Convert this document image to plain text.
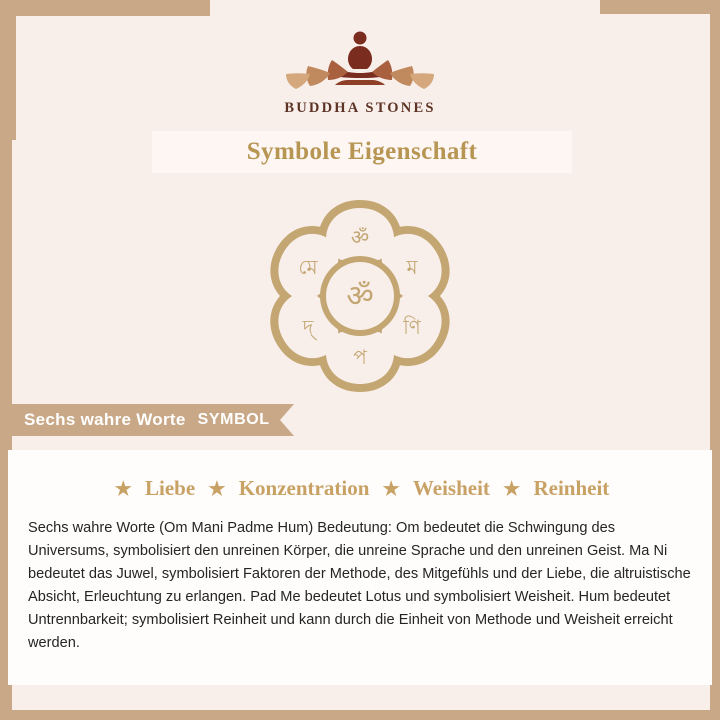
BUDDHA STONES
Symbole Eigenschaft
ॐ
ম
ণি
প
দ্
মে
ॐ
Sechs wahre Worte SYMBOL
★ Liebe ★ Konzentration ★ Weisheit ★ Reinheit

Sechs wahre Worte (Om Mani Padme Hum) Bedeutung: Om bedeutet die Schwingung des Universums, symbolisiert den unreinen Körper, die unreine Sprache und den unreinen Geist. Ma Ni bedeutet das Juwel, symbolisiert Faktoren der Methode, des Mitgefühls und der Liebe, die altruistische Absicht, Erleuchtung zu erlangen. Pad Me bedeutet Lotus und symbolisiert Weisheit. Hum bedeutet Untrennbarkeit; symbolisiert Reinheit und kann durch die Einheit von Methode und Weisheit erreicht werden.
